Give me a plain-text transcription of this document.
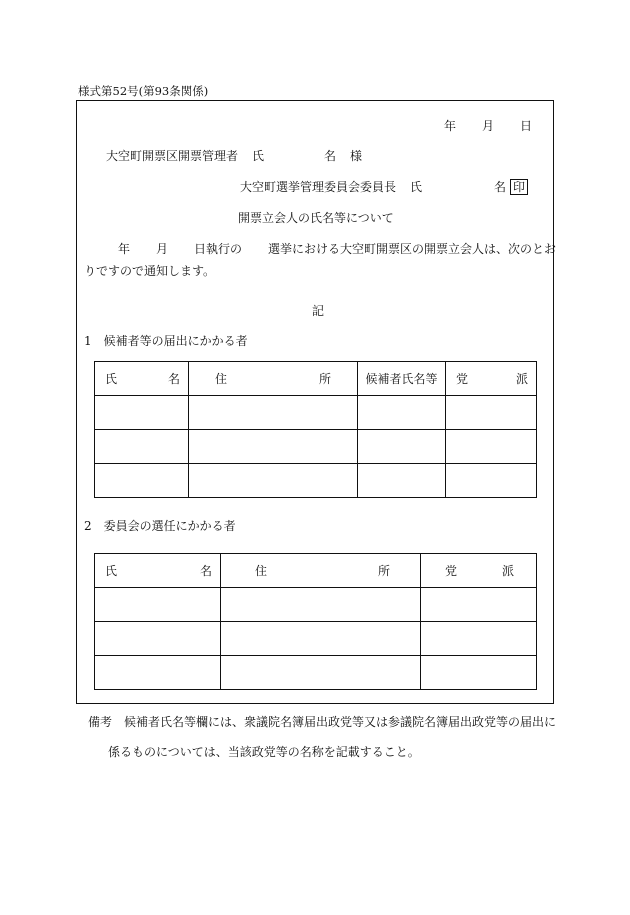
様式第52号(第93条関係)
年 月 日
大空町開票区開票管理者 氏	名 様
大空町選挙管理委員会委員長 氏	名 印
開票立会人の氏名等について
年 月 日執行の 選挙における大空町開票区の開票立会人は、次のとお
りですので通知します。
記
1　候補者等の届出にかかる者
氏 名	住 所	候補者氏名等	党 派

2　委員会の選任にかかる者
氏 名	住 所	党 派

備考　候補者氏名等欄には、衆議院名簿届出政党等又は参議院名簿届出政党等の届出に
係るものについては、当該政党等の名称を記載すること。
